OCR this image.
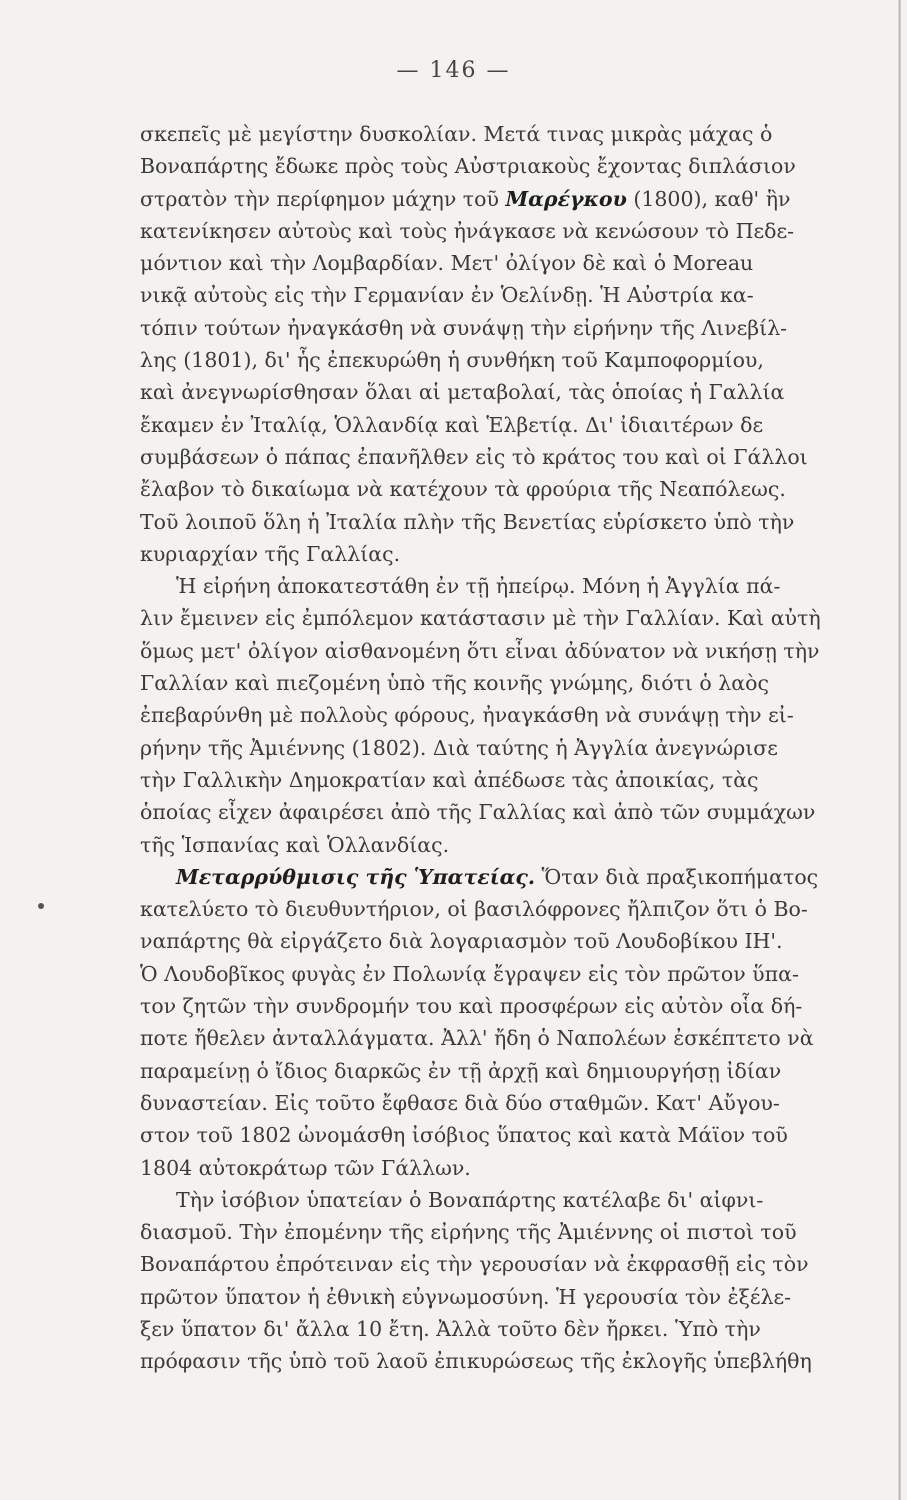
— 146 —
σκεπεῖς μὲ μεγίστην δυσκολίαν. Μετά τινας μικρὰς μάχας ὁ
Βοναπάρτης ἔδωκε πρὸς τοὺς Αὐστριακοὺς ἔχοντας διπλάσιον
στρατὸν τὴν περίφημον μάχην τοῦ Μαρέγκου (1800), καθ' ἣν
κατενίκησεν αὐτοὺς καὶ τοὺς ἠνάγκασε νὰ κενώσουν τὸ Πεδε-
μόντιον καὶ τὴν Λομβαρδίαν. Μετ' ὀλίγον δὲ καὶ ὁ Moreau
νικᾷ αὐτοὺς εἰς τὴν Γερμανίαν ἐν Ὁελίνδῃ. Ἡ Αὐστρία κα-
τόπιν τούτων ἠναγκάσθη νὰ συνάψῃ τὴν εἰρήνην τῆς Λινεβίλ-
λης (1801), δι' ἧς ἐπεκυρώθη ἡ συνθήκη τοῦ Καμποφορμίου,
καὶ ἀνεγνωρίσθησαν ὅλαι αἱ μεταβολαί, τὰς ὁποίας ἡ Γαλλία
ἔκαμεν ἐν Ἰταλίᾳ, Ὁλλανδίᾳ καὶ Ἑλβετίᾳ. Δι' ἰδιαιτέρων δε
συμβάσεων ὁ πάπας ἐπανῆλθεν εἰς τὸ κράτος του καὶ οἱ Γάλλοι
ἔλαβον τὸ δικαίωμα νὰ κατέχουν τὰ φρούρια τῆς Νεαπόλεως.
Τοῦ λοιποῦ ὅλη ἡ Ἰταλία πλὴν τῆς Βενετίας εὑρίσκετο ὑπὸ τὴν
κυριαρχίαν τῆς Γαλλίας.
Ἡ εἰρήνη ἀποκατεστάθη ἐν τῇ ἠπείρῳ. Μόνη ἡ Ἀγγλία πά-
λιν ἔμεινεν εἰς ἐμπόλεμον κατάστασιν μὲ τὴν Γαλλίαν. Καὶ αὐτὴ
ὅμως μετ' ὀλίγον αἰσθανομένη ὅτι εἶναι ἀδύνατον νὰ νικήσῃ τὴν
Γαλλίαν καὶ πιεζομένη ὑπὸ τῆς κοινῆς γνώμης, διότι ὁ λαὸς
ἐπεβαρύνθη μὲ πολλοὺς φόρους, ἠναγκάσθη νὰ συνάψῃ τὴν εἰ-
ρήνην τῆς Ἀμιέννης (1802). Διὰ ταύτης ἡ Ἀγγλία ἀνεγνώρισε
τὴν Γαλλικὴν Δημοκρατίαν καὶ ἀπέδωσε τὰς ἀποικίας, τὰς
ὁποίας εἶχεν ἀφαιρέσει ἀπὸ τῆς Γαλλίας καὶ ἀπὸ τῶν συμμάχων
τῆς Ἱσπανίας καὶ Ὁλλανδίας.
Μεταρρύθμισις τῆς Ὑπατείας. Ὅταν διὰ πραξικοπήματος
κατελύετο τὸ διευθυντήριον, οἱ βασιλόφρονες ἤλπιζον ὅτι ὁ Βο-
ναπάρτης θὰ εἰργάζετο διὰ λογαριασμὸν τοῦ Λουδοβίκου ΙΗ'.
Ὁ Λουδοβῖκος φυγὰς ἐν Πολωνίᾳ ἔγραψεν εἰς τὸν πρῶτον ὕπα-
τον ζητῶν τὴν συνδρομήν του καὶ προσφέρων εἰς αὐτὸν οἷα δή-
ποτε ἤθελεν ἀνταλλάγματα. Ἀλλ' ἤδη ὁ Ναπολέων ἐσκέπτετο νὰ
παραμείνῃ ὁ ἴδιος διαρκῶς ἐν τῇ ἀρχῇ καὶ δημιουργήσῃ ἰδίαν
δυναστείαν. Εἰς τοῦτο ἔφθασε διὰ δύο σταθμῶν. Κατ' Αὔγου-
στον τοῦ 1802 ὠνομάσθη ἰσόβιος ὕπατος καὶ κατὰ Μάϊον τοῦ
1804 αὐτοκράτωρ τῶν Γάλλων.
Τὴν ἰσόβιον ὑπατείαν ὁ Βοναπάρτης κατέλαβε δι' αἰφνι-
διασμοῦ. Τὴν ἐπομένην τῆς εἰρήνης τῆς Ἀμιέννης οἱ πιστοὶ τοῦ
Βοναπάρτου ἐπρότειναν εἰς τὴν γερουσίαν νὰ ἐκφρασθῇ εἰς τὸν
πρῶτον ὕπατον ἡ ἐθνικὴ εὐγνωμοσύνη. Ἡ γερουσία τὸν ἐξέλε-
ξεν ὕπατον δι' ἄλλα 10 ἔτη. Ἀλλὰ τοῦτο δὲν ἤρκει. Ὑπὸ τὴν
πρόφασιν τῆς ὑπὸ τοῦ λαοῦ ἐπικυρώσεως τῆς ἐκλογῆς ὑπεβλήθη
